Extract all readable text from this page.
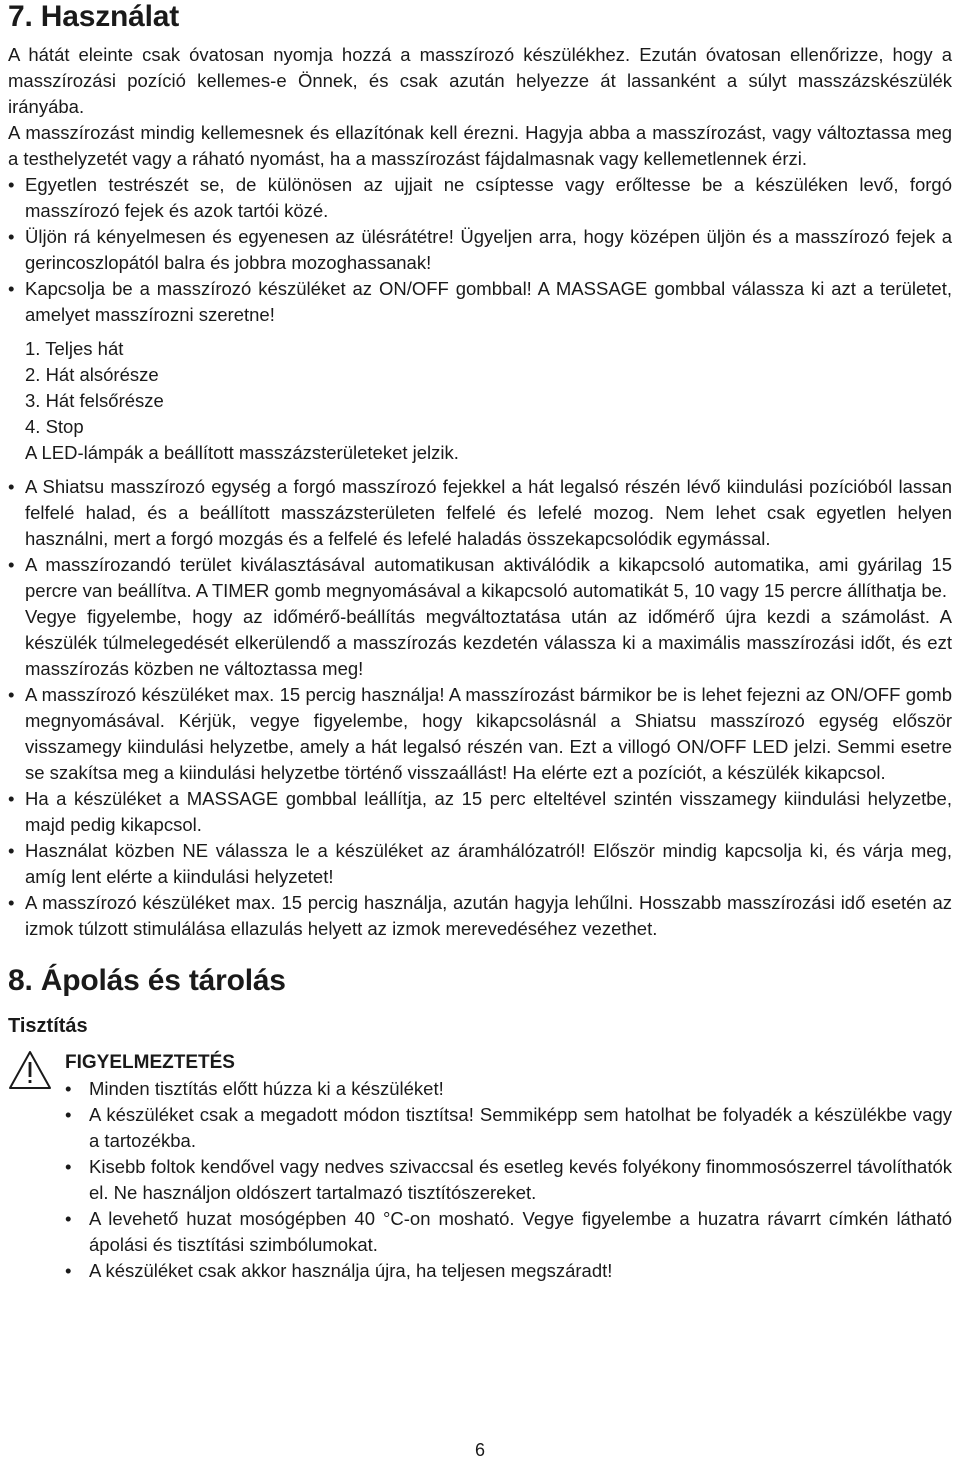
7. Használat

A hátát eleinte csak óvatosan nyomja hozzá a masszírozó készülékhez. Ezután óvatosan ellenőrizze, hogy a masszírozási pozíció kellemes-e Önnek, és csak azután helyezze át lassanként a súlyt masszázskészülék irányába.

A masszírozást mindig kellemesnek és ellazítónak kell érezni. Hagyja abba a masszírozást, vagy változtassa meg a testhelyzetét vagy a ráható nyomást, ha a masszírozást fájdalmasnak vagy kellemetlennek érzi.

• Egyetlen testrészét se, de különösen az ujjait ne csíptesse vagy erőltesse be a készüléken levő, forgó masszírozó fejek és azok tartói közé.
• Üljön rá kényelmesen és egyenesen az ülésrátétre! Ügyeljen arra, hogy középen üljön és a masszírozó fejek a gerincoszlopától balra és jobbra mozoghassanak!
• Kapcsolja be a masszírozó készüléket az ON/OFF gombbal! A MASSAGE gombbal válassza ki azt a területet, amelyet masszírozni szeretne!
1. Teljes hát
2. Hát alsórésze
3. Hát felsőrésze
4. Stop
A LED-lámpák a beállított masszázsterületeket jelzik.
• A Shiatsu masszírozó egység a forgó masszírozó fejekkel a hát legalsó részén lévő kiindulási pozícióból lassan felfelé halad, és a beállított masszázsterületen felfelé és lefelé mozog. Nem lehet csak egyetlen helyen használni, mert a forgó mozgás és a felfelé és lefelé haladás összekapcsolódik egymással.
• A masszírozandó terület kiválasztásával automatikusan aktiválódik a kikapcsoló automatika, ami gyárilag 15 percre van beállítva. A TIMER gomb megnyomásával a kikapcsoló automatikát 5, 10 vagy 15 percre állíthatja be.

Vegye figyelembe, hogy az időmérő-beállítás megváltoztatása után az időmérő újra kezdi a számolást. A készülék túlmelegedését elkerülendő a masszírozás kezdetén válassza ki a maximális masszírozási időt, és ezt masszírozás közben ne változtassa meg!

• A masszírozó készüléket max. 15 percig használja! A masszírozást bármikor be is lehet fejezni az ON/OFF gomb megnyomásával. Kérjük, vegye figyelembe, hogy kikapcsolásnál a Shiatsu masszírozó egység először visszamegy kiindulási helyzetbe, amely a hát legalsó részén van. Ezt a villogó ON/OFF LED jelzi. Semmi esetre se szakítsa meg a kiindulási helyzetbe történő visszaállást! Ha elérte ezt a pozíciót, a készülék kikapcsol.
• Ha a készüléket a MASSAGE gombbal leállítja, az 15 perc elteltével szintén visszamegy kiindulási helyzetbe, majd pedig kikapcsol.
• Használat közben NE válassza le a készüléket az áramhálózatról! Először mindig kapcsolja ki, és várja meg, amíg lent elérte a kiindulási helyzetet!
• A masszírozó készüléket max. 15 percig használja, azután hagyja lehűlni. Hosszabb masszírozási idő esetén az izmok túlzott stimulálása ellazulás helyett az izmok merevedéséhez vezethet.
8. Ápolás és tárolás
Tisztítás
FIGYELMEZTETÉS
• Minden tisztítás előtt húzza ki a készüléket!
• A készüléket csak a megadott módon tisztítsa! Semmiképp sem hatolhat be folyadék a készülékbe vagy a tartozékba.
• Kisebb foltok kendővel vagy nedves szivaccsal és esetleg kevés folyékony finommosószerrel távolíthatók el. Ne használjon oldószert tartalmazó tisztítószereket.
• A levehető huzat mosógépben 40 °C-on mosható. Vegye figyelembe a huzatra rávarrt címkén látható ápolási és tisztítási szimbólumokat.
• A készüléket csak akkor használja újra, ha teljesen megszáradt!
6
